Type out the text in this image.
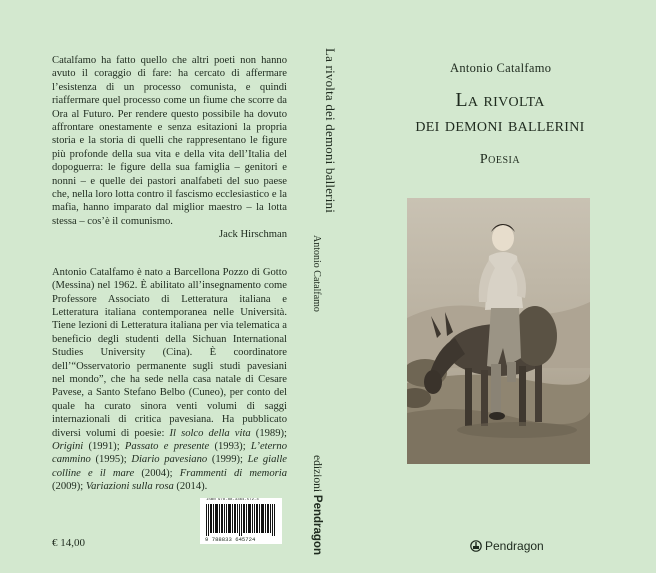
Catalfamo ha fatto quello che altri poeti non hanno avuto il coraggio di fare: ha cercato di affermare l’esistenza di un processo comunista, e quindi riaffermare quel processo come un fiume che scorre da Ora al Futuro. Per rendere questo possibile ha dovuto affrontare onestamente e senza esitazioni la propria storia e la storia di quelli che rappresentano le figure più profonde della sua vita e della vita dell’Italia del dopoguerra: le figure della sua famiglia – genitori e nonni – e quelle dei pastori analfabeti del suo paese che, nella loro lotta contro il fascismo ecclesiastico e la mafia, hanno imparato dal miglior maestro – la lotta stessa – cos’è il comunismo.

Jack Hirschman

Antonio Catalfamo è nato a Barcellona Pozzo di Gotto (Messina) nel 1962. È abilitato all’insegnamento come Professore Associato di Letteratura italiana e Letteratura italiana contemporanea nelle Università. Tiene lezioni di Letteratura italiana per via telematica a beneficio degli studenti della Sichuan International Studies University (Cina). È coordinatore dell’“Osservatorio permanente sugli studi pavesiani nel mondo”, che ha sede nella casa natale di Cesare Pavese, a Santo Stefano Belbo (Cuneo), per conto del quale ha curato sinora venti volumi di saggi internazionali di critica pavesiana. Ha pubblicato diversi volumi di poesie: Il solco della vita (1989); Origini (1991); Passato e presente (1993); L’eterno cammino (1995); Diario pavesiano (1999); Le gialle colline e il mare (2004); Frammenti di memoria (2009); Variazioni sulla rosa (2014).

€ 14,00
ISBN 978-88-3364-572-4
9 788833 645724
La rivolta dei demoni ballerini
Antonio Catalfamo
edizioni Pendragon
Antonio Catalfamo
La rivolta
dei demoni ballerini
Poesia
Pendragon
